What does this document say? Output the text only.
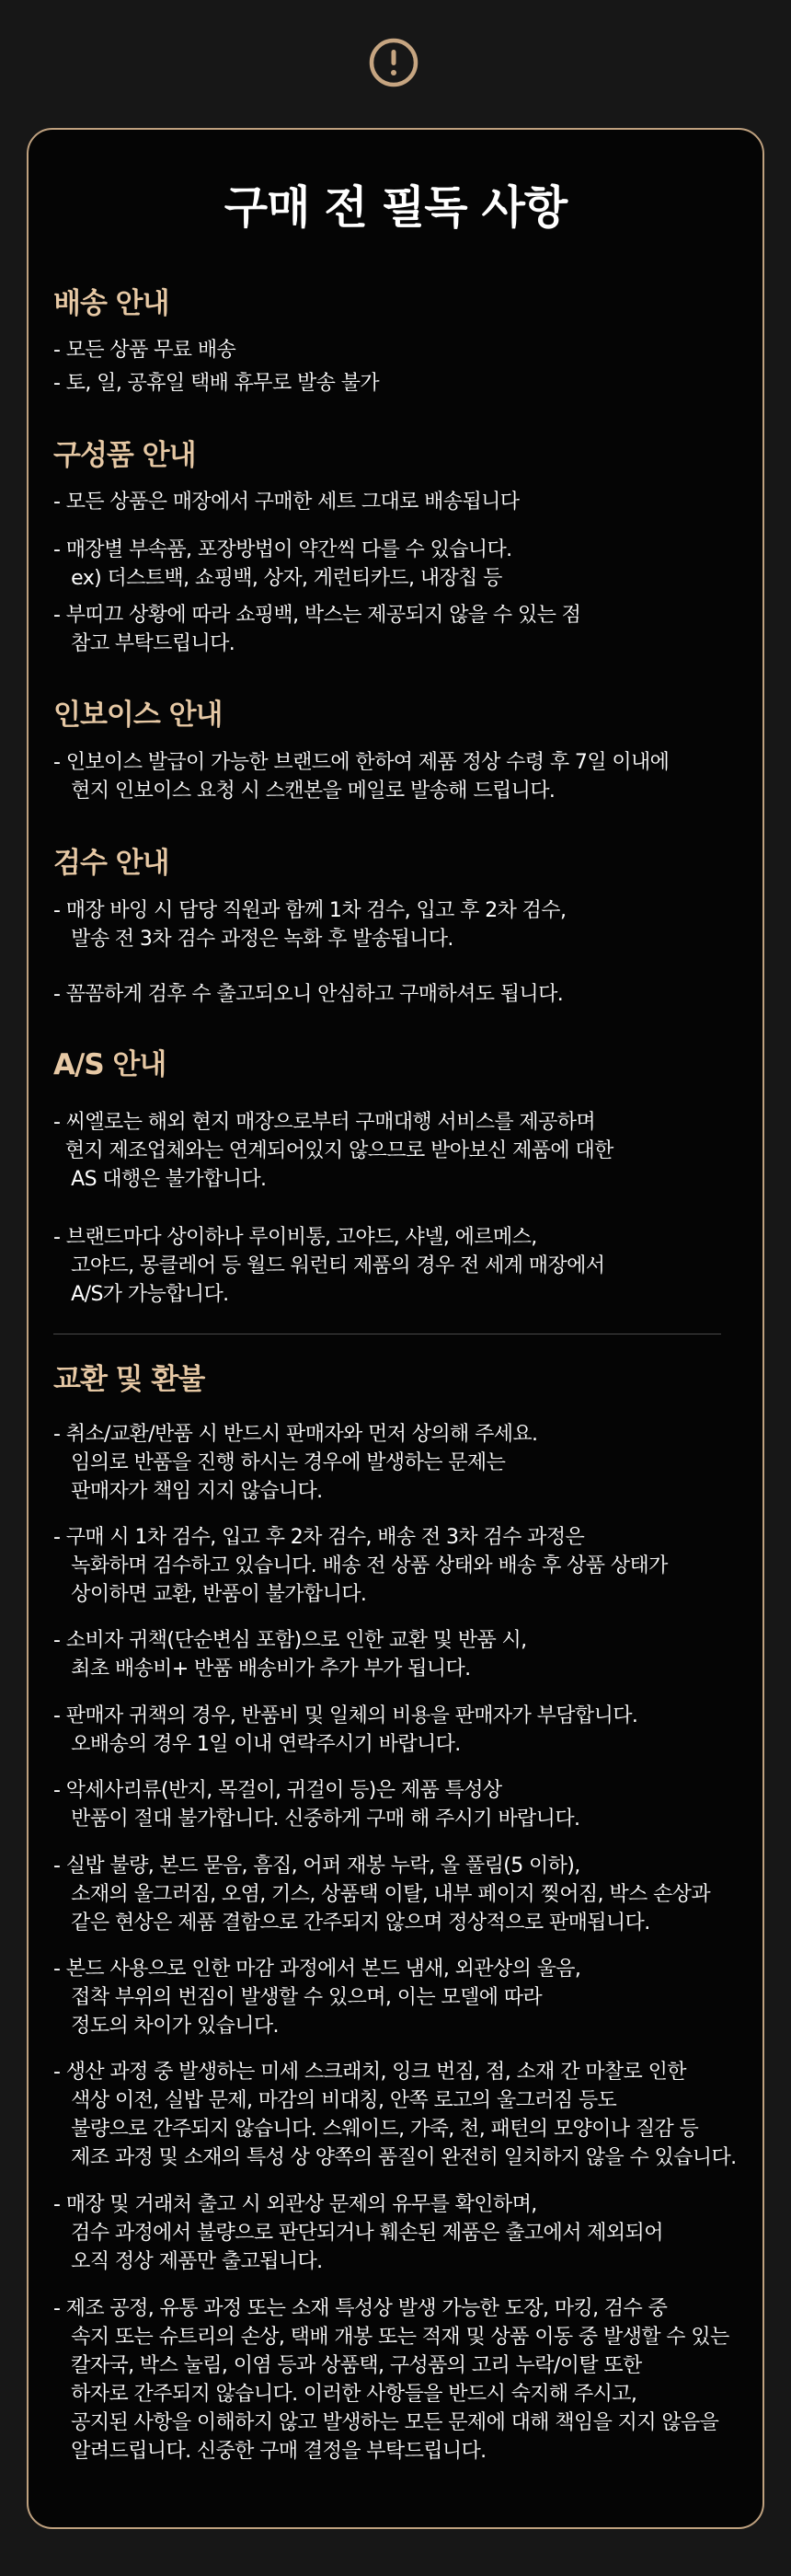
구매 전 필독 사항
배송 안내
- 모든 상품 무료 배송
- 토, 일, 공휴일 택배 휴무로 발송 불가
구성품 안내
- 모든 상품은 매장에서 구매한 세트 그대로 배송됩니다
- 매장별 부속품, 포장방법이 약간씩 다를 수 있습니다.
ex) 더스트백, 쇼핑백, 상자, 게런티카드, 내장칩 등
- 부띠끄 상황에 따라 쇼핑백, 박스는 제공되지 않을 수 있는 점
참고 부탁드립니다.
인보이스 안내
- 인보이스 발급이 가능한 브랜드에 한하여 제품 정상 수령 후 7일 이내에
현지 인보이스 요청 시 스캔본을 메일로 발송해 드립니다.
검수 안내
- 매장 바잉 시 담당 직원과 함께 1차 검수, 입고 후 2차 검수,
발송 전 3차 검수 과정은 녹화 후 발송됩니다.
- 꼼꼼하게 검후 수 출고되오니 안심하고 구매하셔도 됩니다.
A/S 안내
- 씨엘로는 해외 현지 매장으로부터 구매대행 서비스를 제공하며
현지 제조업체와는 연계되어있지 않으므로 받아보신 제품에 대한
AS 대행은 불가합니다.
- 브랜드마다 상이하나 루이비통, 고야드, 샤넬, 에르메스,
고야드, 몽클레어 등 월드 워런티 제품의 경우 전 세계 매장에서
A/S가 가능합니다.
교환 및 환불
- 취소/교환/반품 시 반드시 판매자와 먼저 상의해 주세요.
임의로 반품을 진행 하시는 경우에 발생하는 문제는
판매자가 책임 지지 않습니다.
- 구매 시 1차 검수, 입고 후 2차 검수, 배송 전 3차 검수 과정은
녹화하며 검수하고 있습니다. 배송 전 상품 상태와 배송 후 상품 상태가
상이하면 교환, 반품이 불가합니다.
- 소비자 귀책(단순변심 포함)으로 인한 교환 및 반품 시,
최초 배송비+ 반품 배송비가 추가 부가 됩니다.
- 판매자 귀책의 경우, 반품비 및 일체의 비용을 판매자가 부담합니다.
오배송의 경우 1일 이내 연락주시기 바랍니다.
- 악세사리류(반지, 목걸이, 귀걸이 등)은 제품 특성상
반품이 절대 불가합니다. 신중하게 구매 해 주시기 바랍니다.
- 실밥 불량, 본드 묻음, 흠집, 어퍼 재봉 누락, 올 풀림(5 이하),
소재의 울그러짐, 오염, 기스, 상품택 이탈, 내부 페이지 찢어짐, 박스 손상과
같은 현상은 제품 결함으로 간주되지 않으며 정상적으로 판매됩니다.
- 본드 사용으로 인한 마감 과정에서 본드 냄새, 외관상의 울음,
접착 부위의 번짐이 발생할 수 있으며, 이는 모델에 따라
정도의 차이가 있습니다.
- 생산 과정 중 발생하는 미세 스크래치, 잉크 번짐, 점, 소재 간 마찰로 인한
색상 이전, 실밥 문제, 마감의 비대칭, 안쪽 로고의 울그러짐 등도
불량으로 간주되지 않습니다. 스웨이드, 가죽, 천, 패턴의 모양이나 질감 등
제조 과정 및 소재의 특성 상 양쪽의 품질이 완전히 일치하지 않을 수 있습니다.
- 매장 및 거래처 출고 시 외관상 문제의 유무를 확인하며,
검수 과정에서 불량으로 판단되거나 훼손된 제품은 출고에서 제외되어
오직 정상 제품만 출고됩니다.
- 제조 공정, 유통 과정 또는 소재 특성상 발생 가능한 도장, 마킹, 검수 중
속지 또는 슈트리의 손상, 택배 개봉 또는 적재 및 상품 이동 중 발생할 수 있는
칼자국, 박스 눌림, 이염 등과 상품택, 구성품의 고리 누락/이탈 또한
하자로 간주되지 않습니다. 이러한 사항들을 반드시 숙지해 주시고,
공지된 사항을 이해하지 않고 발생하는 모든 문제에 대해 책임을 지지 않음을
알려드립니다. 신중한 구매 결정을 부탁드립니다.
